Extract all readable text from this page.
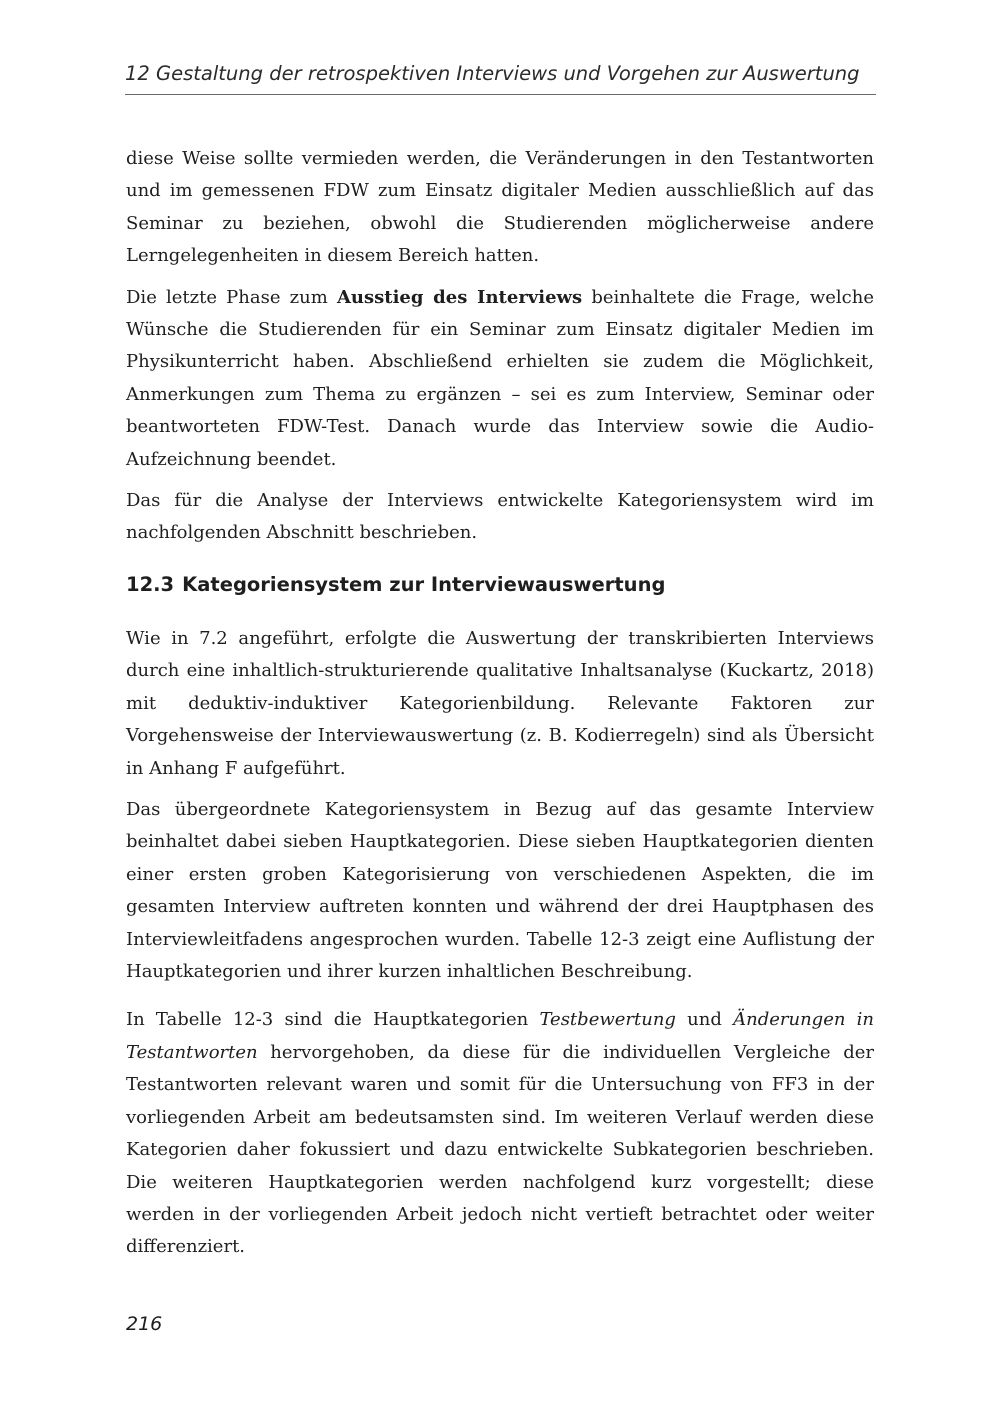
12 Gestaltung der retrospektiven Interviews und Vorgehen zur Auswertung

diese Weise sollte vermieden werden, die Veränderungen in den Testantworten und im gemessenen FDW zum Einsatz digitaler Medien ausschließlich auf das Seminar zu beziehen, obwohl die Studierenden möglicherweise andere Lerngelegenheiten in diesem Bereich hatten.

Die letzte Phase zum Ausstieg des Interviews beinhaltete die Frage, welche Wünsche die Studierenden für ein Seminar zum Einsatz digitaler Medien im Physikunterricht haben. Abschließend erhielten sie zudem die Möglichkeit, Anmerkungen zum Thema zu ergänzen – sei es zum Interview, Seminar oder beantworteten FDW-Test. Danach wurde das Interview sowie die Audio-Aufzeichnung beendet.

Das für die Analyse der Interviews entwickelte Kategoriensystem wird im nachfolgenden Abschnitt beschrieben.

12.3 Kategoriensystem zur Interviewauswertung

Wie in 7.2 angeführt, erfolgte die Auswertung der transkribierten Interviews durch eine inhaltlich-strukturierende qualitative Inhaltsanalyse (Kuckartz, 2018) mit deduktiv-induktiver Kategorienbildung. Relevante Faktoren zur Vorgehensweise der Interviewauswertung (z. B. Kodierregeln) sind als Übersicht in Anhang F aufgeführt.

Das übergeordnete Kategoriensystem in Bezug auf das gesamte Interview beinhaltet dabei sieben Hauptkategorien. Diese sieben Hauptkategorien dienten einer ersten groben Kategorisierung von verschiedenen Aspekten, die im gesamten Interview auftreten konnten und während der drei Hauptphasen des Interviewleitfadens angesprochen wurden. Tabelle 12-3 zeigt eine Auflistung der Hauptkategorien und ihrer kurzen inhaltlichen Beschreibung.

In Tabelle 12-3 sind die Hauptkategorien Testbewertung und Änderungen in Testantworten hervorgehoben, da diese für die individuellen Vergleiche der Testantworten relevant waren und somit für die Untersuchung von FF3 in der vorliegenden Arbeit am bedeutsamsten sind. Im weiteren Verlauf werden diese Kategorien daher fokussiert und dazu entwickelte Subkategorien beschrieben. Die weiteren Hauptkategorien werden nachfolgend kurz vorgestellt; diese werden in der vorliegenden Arbeit jedoch nicht vertieft betrachtet oder weiter differenziert.

216
